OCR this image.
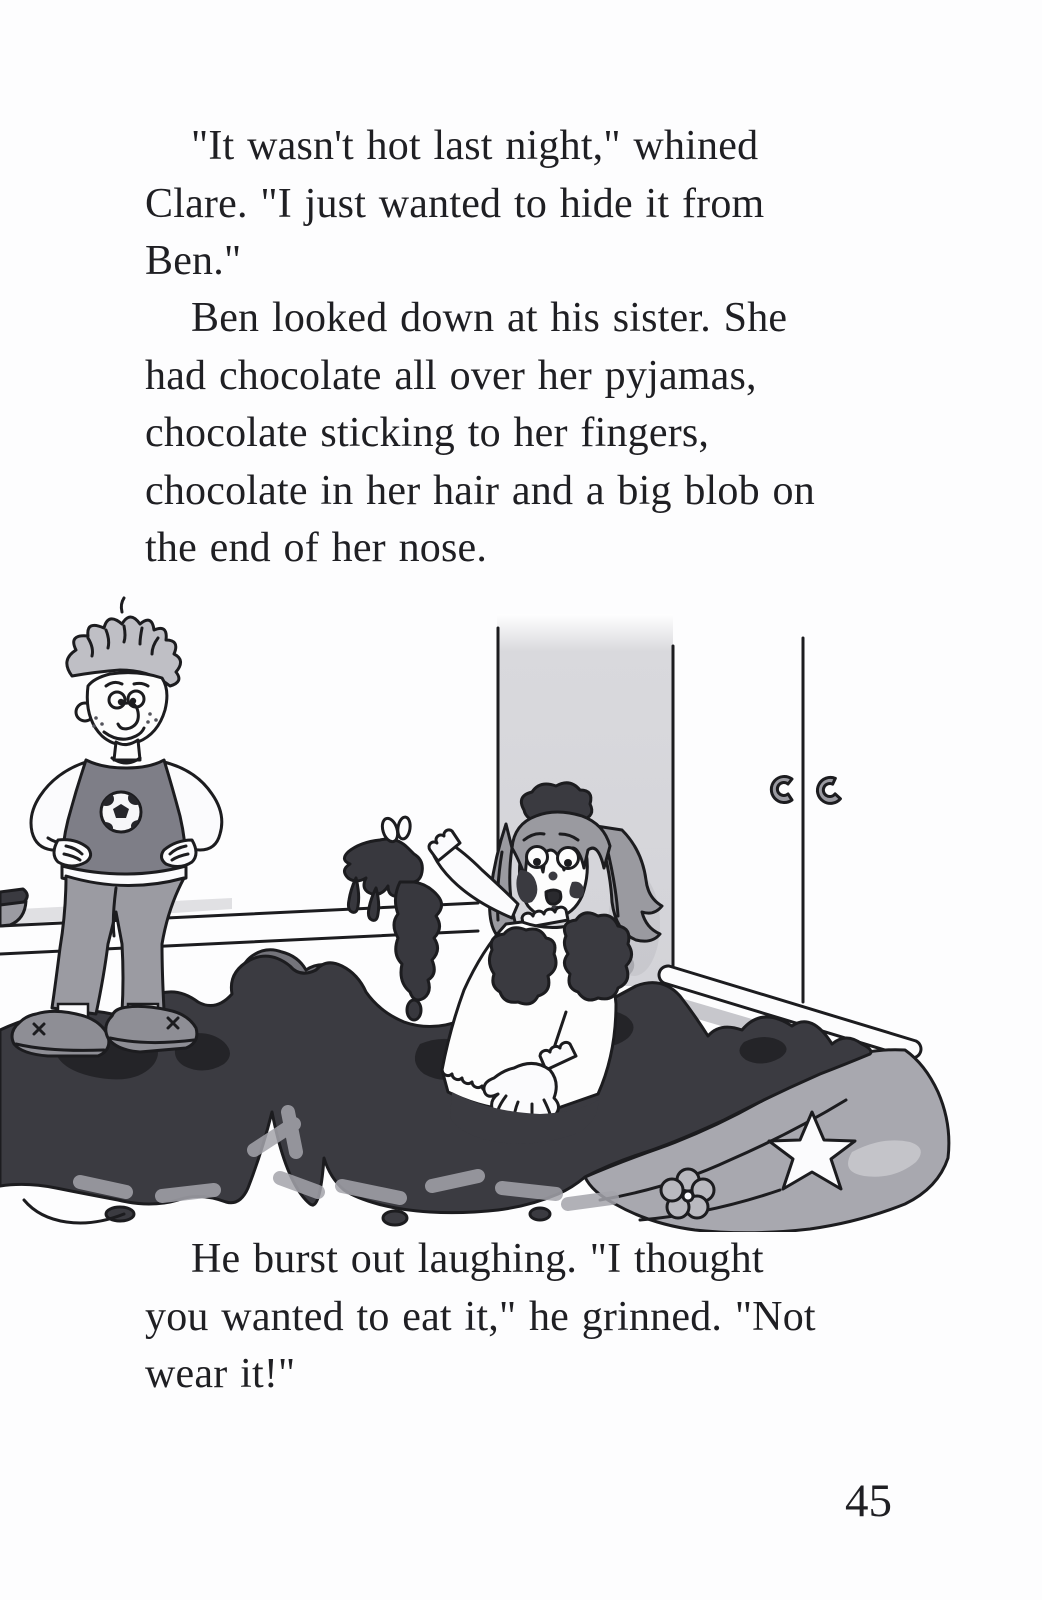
"It wasn't hot last night," whined
Clare. "I just wanted to hide it from
Ben."
Ben looked down at his sister. She
had chocolate all over her pyjamas,
chocolate sticking to her fingers,
chocolate in her hair and a big blob on
the end of her nose.
He burst out laughing. "I thought
you wanted to eat it," he grinned. "Not
wear it!"
45
